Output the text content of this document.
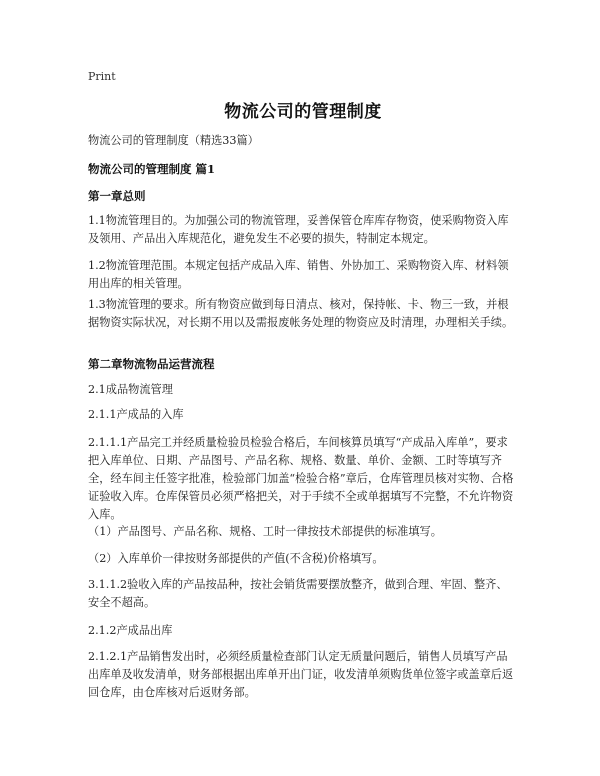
Print
物流公司的管理制度

物流公司的管理制度（精选33篇）

物流公司的管理制度 篇1

第一章总则

1.1物流管理目的。为加强公司的物流管理，妥善保管仓库库存物资，使采购物资入库及领用、产品出入库规范化，避免发生不必要的损失，特制定本规定。

1.2物流管理范围。本规定包括产成品入库、销售、外协加工、采购物资入库、材料领用出库的相关管理。

1.3物流管理的要求。所有物资应做到每日清点、核对，保持帐、卡、物三一致，并根据物资实际状况，对长期不用以及需报废帐务处理的物资应及时清理，办理相关手续。

第二章物流物品运营流程

2.1成品物流管理

2.1.1产成品的入库

2.1.1.1产品完工并经质量检验员检验合格后，车间核算员填写“产成品入库单”，要求把入库单位、日期、产品图号、产品名称、规格、数量、单价、金额、工时等填写齐全，经车间主任签字批准，检验部门加盖“检验合格”章后，仓库管理员核对实物、合格证验收入库。仓库保管员必须严格把关，对于手续不全或单据填写不完整，不允许物资入库。

（1）产品图号、产品名称、规格、工时一律按技术部提供的标准填写。

（2）入库单价一律按财务部提供的产值(不含税)价格填写。

3.1.1.2验收入库的产品按品种，按社会销货需要摆放整齐，做到合理、牢固、整齐、安全不超高。

2.1.2产成品出库

2.1.2.1产品销售发出时，必须经质量检查部门认定无质量问题后，销售人员填写产品出库单及收发清单，财务部根据出库单开出门证，收发清单须购货单位签字或盖章后返回仓库，由仓库核对后返财务部。
